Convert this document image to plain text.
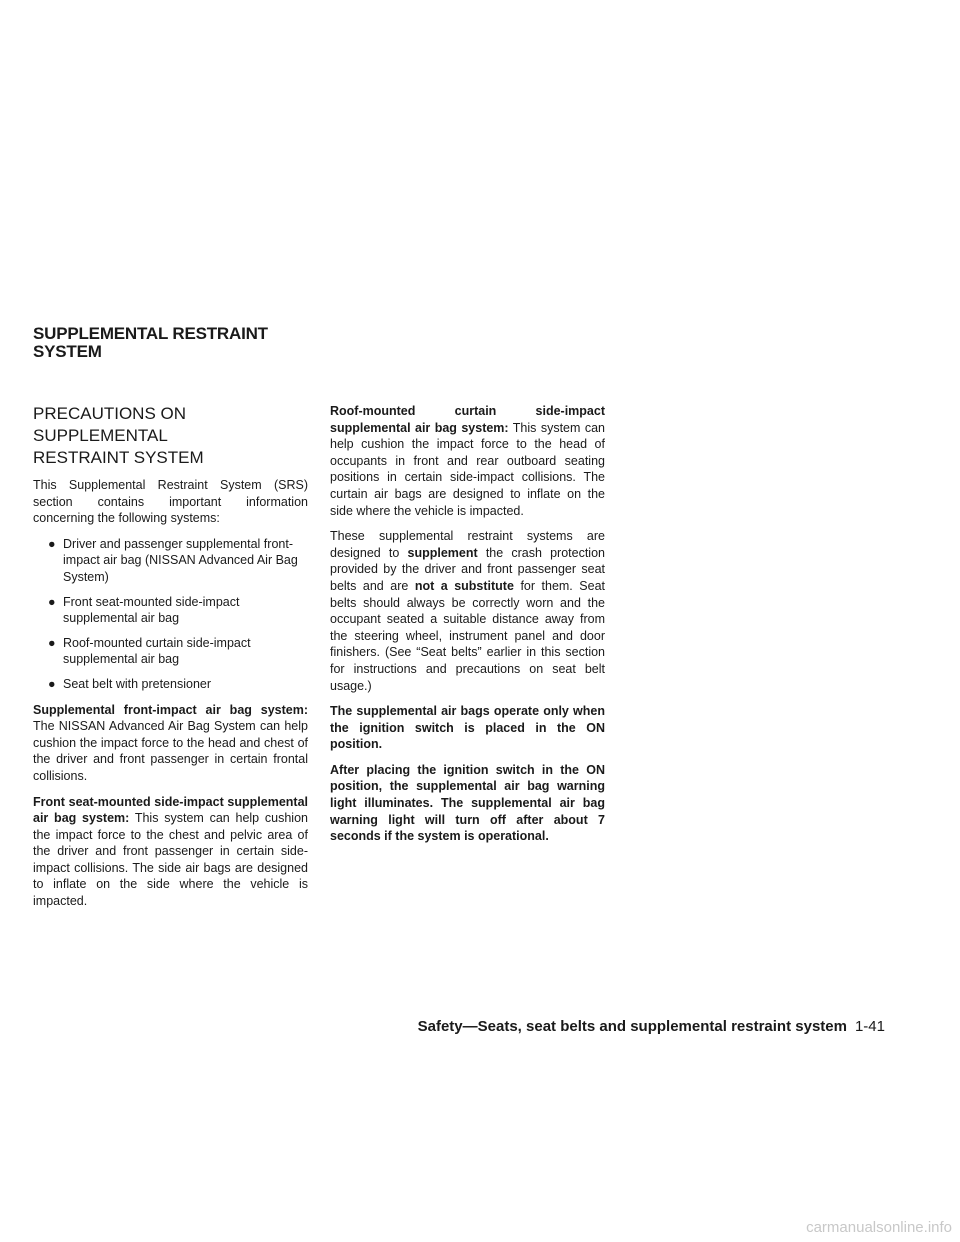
SUPPLEMENTAL RESTRAINT
SYSTEM
PRECAUTIONS ON SUPPLEMENTAL
RESTRAINT SYSTEM

This Supplemental Restraint System (SRS) section contains important information concerning the following systems:

● Driver and passenger supplemental front-impact air bag (NISSAN Advanced Air Bag System)
● Front seat-mounted side-impact supplemental air bag
● Roof-mounted curtain side-impact supplemental air bag
● Seat belt with pretensioner

Supplemental front-impact air bag system: The NISSAN Advanced Air Bag System can help cushion the impact force to the head and chest of the driver and front passenger in certain frontal collisions.

Front seat-mounted side-impact supplemental air bag system: This system can help cushion the impact force to the chest and pelvic area of the driver and front passenger in certain side-impact collisions. The side air bags are designed to inflate on the side where the vehicle is impacted.

Roof-mounted curtain side-impact supplemental air bag system: This system can help cushion the impact force to the head of occupants in front and rear outboard seating positions in certain side-impact collisions. The curtain air bags are designed to inflate on the side where the vehicle is impacted.

These supplemental restraint systems are designed to supplement the crash protection provided by the driver and front passenger seat belts and are not a substitute for them. Seat belts should always be correctly worn and the occupant seated a suitable distance away from the steering wheel, instrument panel and door finishers. (See “Seat belts” earlier in this section for instructions and precautions on seat belt usage.)

The supplemental air bags operate only when the ignition switch is placed in the ON position.

After placing the ignition switch in the ON position, the supplemental air bag warning light illuminates. The supplemental air bag warning light will turn off after about 7 seconds if the system is operational.

Safety—Seats, seat belts and supplemental restraint system 1-41
carmanualsonline.info
